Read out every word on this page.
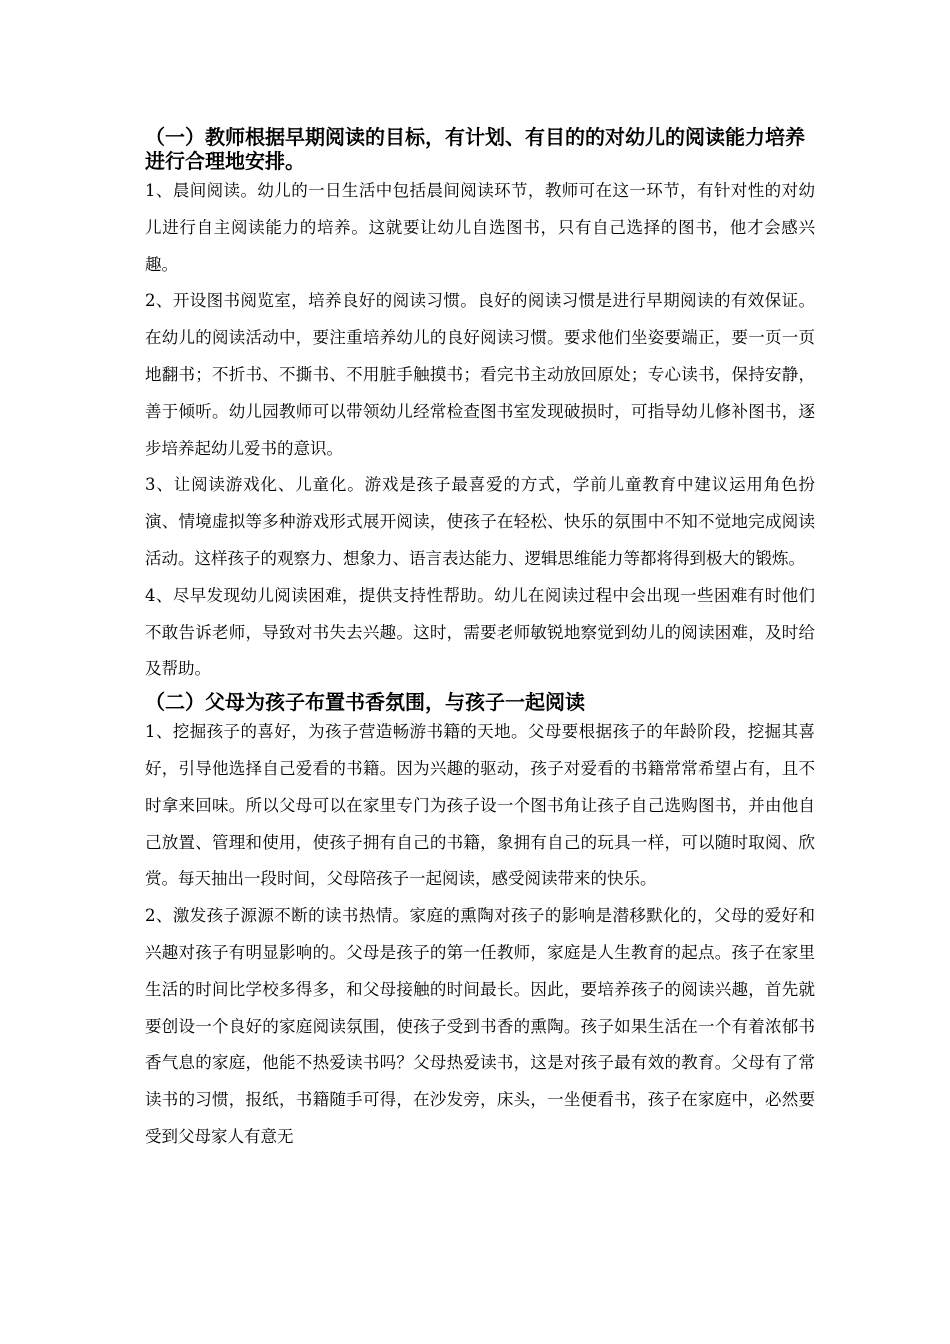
（一）教师根据早期阅读的目标，有计划、有目的的对幼儿的阅读能力培养进行合理地安排。

1、晨间阅读。幼儿的一日生活中包括晨间阅读环节，教师可在这一环节，有针对性的对幼儿进行自主阅读能力的培养。这就要让幼儿自选图书，只有自己选择的图书，他才会感兴趣。

2、开设图书阅览室，培养良好的阅读习惯。良好的阅读习惯是进行早期阅读的有效保证。在幼儿的阅读活动中，要注重培养幼儿的良好阅读习惯。要求他们坐姿要端正，要一页一页地翻书；不折书、不撕书、不用脏手触摸书；看完书主动放回原处；专心读书，保持安静，善于倾听。幼儿园教师可以带领幼儿经常检查图书室发现破损时，可指导幼儿修补图书，逐步培养起幼儿爱书的意识。

3、让阅读游戏化、儿童化。游戏是孩子最喜爱的方式，学前儿童教育中建议运用角色扮演、情境虚拟等多种游戏形式展开阅读，使孩子在轻松、快乐的氛围中不知不觉地完成阅读活动。这样孩子的观察力、想象力、语言表达能力、逻辑思维能力等都将得到极大的锻炼。

4、尽早发现幼儿阅读困难，提供支持性帮助。幼儿在阅读过程中会出现一些困难有时他们不敢告诉老师，导致对书失去兴趣。这时，需要老师敏锐地察觉到幼儿的阅读困难，及时给及帮助。

（二）父母为孩子布置书香氛围，与孩子一起阅读

1、挖掘孩子的喜好，为孩子营造畅游书籍的天地。父母要根据孩子的年龄阶段，挖掘其喜好，引导他选择自己爱看的书籍。因为兴趣的驱动，孩子对爱看的书籍常常希望占有，且不时拿来回味。所以父母可以在家里专门为孩子设一个图书角让孩子自己选购图书，并由他自己放置、管理和使用，使孩子拥有自己的书籍，象拥有自己的玩具一样，可以随时取阅、欣赏。每天抽出一段时间，父母陪孩子一起阅读，感受阅读带来的快乐。

2、激发孩子源源不断的读书热情。家庭的熏陶对孩子的影响是潜移默化的，父母的爱好和兴趣对孩子有明显影响的。父母是孩子的第一任教师，家庭是人生教育的起点。孩子在家里生活的时间比学校多得多，和父母接触的时间最长。因此，要培养孩子的阅读兴趣，首先就要创设一个良好的家庭阅读氛围，使孩子受到书香的熏陶。孩子如果生活在一个有着浓郁书香气息的家庭，他能不热爱读书吗？父母热爱读书，这是对孩子最有效的教育。父母有了常读书的习惯，报纸，书籍随手可得，在沙发旁，床头，一坐便看书，孩子在家庭中，必然要受到父母家人有意无
